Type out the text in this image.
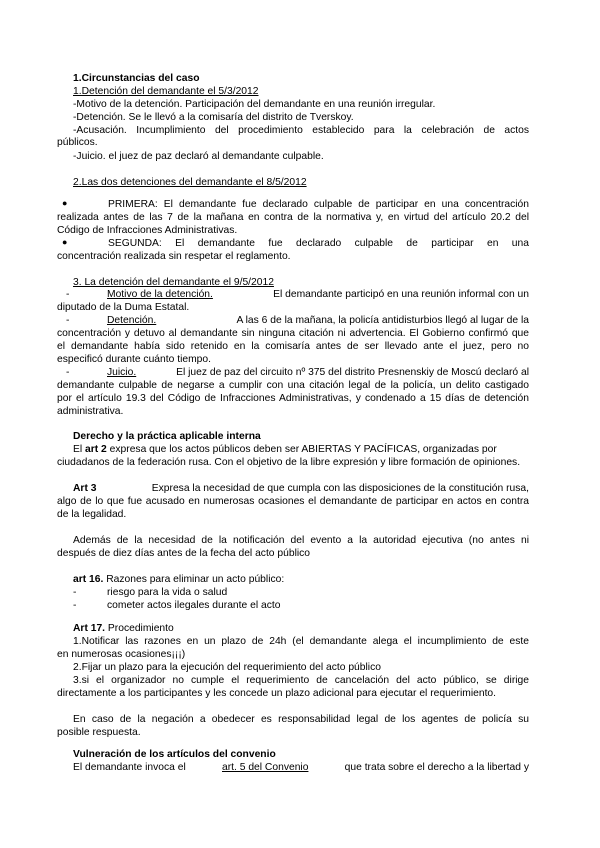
1.Circunstancias del caso
1.Detención del demandante el 5/3/2012
-Motivo de la detención. Participación del demandante en una reunión irregular.
-Detención. Se le llevó a la comisaría del distrito de Tverskoy.
-Acusación. Incumplimiento del procedimiento establecido para la celebración de actos
públicos.
-Juicio. el juez de paz declaró al demandante culpable.
2.Las dos detenciones del demandante el 8/5/2012
●	PRIMERA: El demandante fue declarado culpable de participar en una concentración
realizada antes de las 7 de la mañana en contra de la normativa y, en virtud del artículo 20.2 del
Código de Infracciones Administrativas.
●	SEGUNDA: El demandante fue declarado culpable de participar en una
concentración realizada sin respetar el reglamento.
3. La detención del demandante el 9/5/2012
-	Motivo de la detención.	El demandante participó en una reunión informal con un
diputado de la Duma Estatal.
-	Detención.	A las 6 de la mañana, la policía antidisturbios llegó al lugar de la
concentración y detuvo al demandante sin ninguna citación ni advertencia. El Gobierno confirmó que
el demandante había sido retenido en la comisaría antes de ser llevado ante el juez, pero no
especificó durante cuánto tiempo.
-	Juicio.	El juez de paz del circuito nº 375 del distrito Presnenskiy de Moscú declaró al
demandante culpable de negarse a cumplir con una citación legal de la policía, un delito castigado
por el artículo 19.3 del Código de Infracciones Administrativas, y condenado a 15 días de detención
administrativa.
Derecho y la práctica aplicable interna
El art 2 expresa que los actos públicos deben ser ABIERTAS Y PACÍFICAS, organizadas por
ciudadanos de la federación rusa. Con el objetivo de la libre expresión y libre formación de opiniones.
Art 3	Expresa la necesidad de que cumpla con las disposiciones de la constitución rusa,
algo de lo que fue acusado en numerosas ocasiones el demandante de participar en actos en contra
de la legalidad.
Además de la necesidad de la notificación del evento a la autoridad ejecutiva (no antes ni
después de diez días antes de la fecha del acto público
art 16. Razones para eliminar un acto público:
-	riesgo para la vida o salud
-	cometer actos ilegales durante el acto
Art 17. Procedimiento
1.Notificar las razones en un plazo de 24h (el demandante alega el incumplimiento de este
en numerosas ocasiones¡¡¡)
2.Fijar un plazo para la ejecución del requerimiento del acto público
3.si el organizador no cumple el requerimiento de cancelación del acto público, se dirige
directamente a los participantes y les concede un plazo adicional para ejecutar el requerimiento.
En caso de la negación a obedecer es responsabilidad legal de los agentes de policía su
posible respuesta.
Vulneración de los artículos del convenio
El demandante invoca el	art. 5 del Convenio	que trata sobre el derecho a la libertad y
